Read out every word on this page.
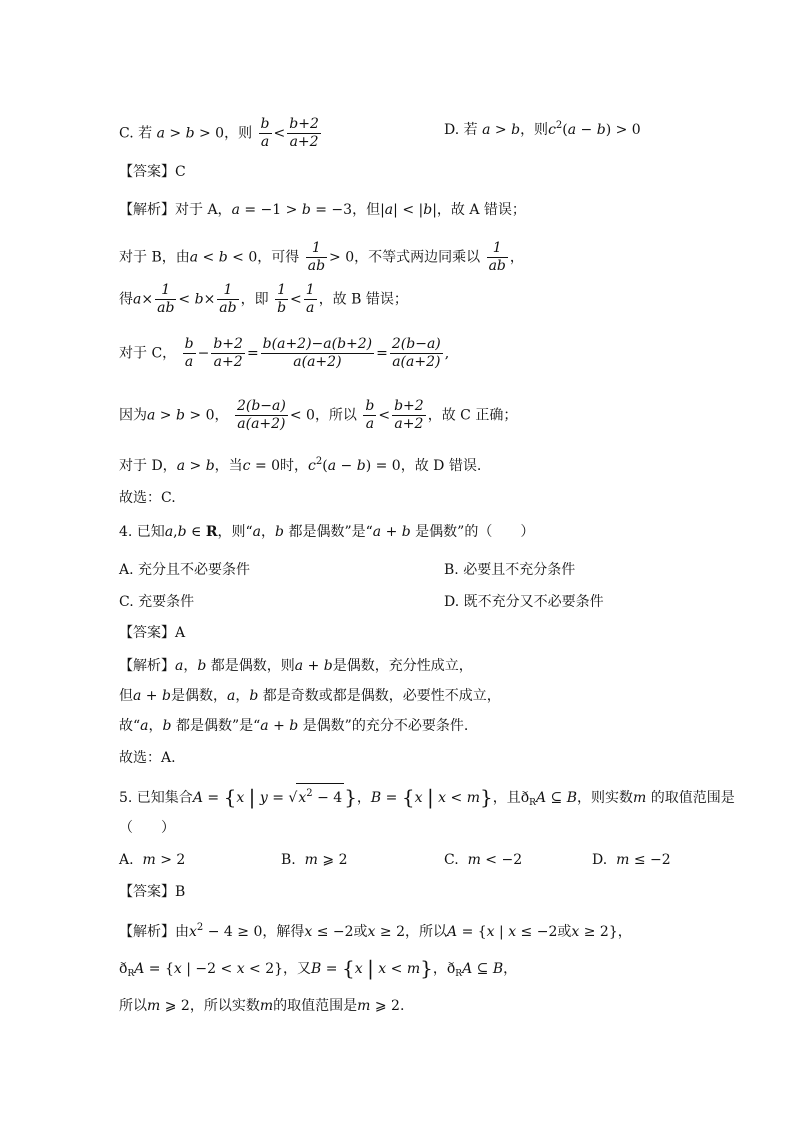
C. 若 a > b > 0，则 $\frac{b}{a} < \frac{b+2}{a+2}$	D. 若 a > b，则$c^2(a - b) > 0$
【答案】C
【解析】对于 A，a = −1 > b = −3，但|a| < |b|，故 A 错误；
对于 B，由a < b < 0，可得 $\frac{1}{ab} > 0$，不等式两边同乘以 $\frac{1}{ab}$ ，
得$a\times \frac{1}{ab} < b\times \frac{1}{ab}$ ，即 $\frac{1}{b} < \frac{1}{a}$ ，故 B 错误；
对于 C， $\frac{b}{a} - \frac{b+2}{a+2} = \frac{b(a+2)-a(b+2)}{a(a+2)} = \frac{2(b-a)}{a(a+2)}$ ,
因为a > b > 0， $\frac{2(b-a)}{a(a+2)} < 0$，所以 $\frac{b}{a} < \frac{b+2}{a+2}$ ，故 C 正确；
对于 D，a > b，当c = 0时，$c^2(a - b) = 0$，故 D 错误.
故选：C.
4. 已知a,b ∈ R，则“a，b 都是偶数”是“a + b 是偶数”的（　　）
A. 充分且不必要条件	B. 必要且不充分条件
C. 充要条件	D. 既不充分又不必要条件
【答案】A
【解析】a，b 都是偶数，则a + b是偶数，充分性成立，
但a + b是偶数，a，b 都是奇数或都是偶数，必要性不成立，
故“a，b 都是偶数”是“a + b 是偶数”的充分不必要条件.
故选：A.
5. 已知集合A = {x | $y = √x^2 - 4$ }，B = {x | x < m}，且$ð_RA$ ⊆ B，则实数m 的取值范围是
（　　）
A. m > 2	B. m ⩾ 2	C. m < −2	D. m ≤ −2
【答案】B
【解析】由$x^2 - 4 \ge 0$，解得x ≤ −2或x ≥ 2，所以A = {x | x ≤ −2或x ≥ 2}，
$ð_RA = \{x$ | −2 < x < 2}，又B = {x | x < m}，$ð_RA$ ⊆ B，
所以m ⩾ 2，所以实数m的取值范围是m ⩾ 2.
